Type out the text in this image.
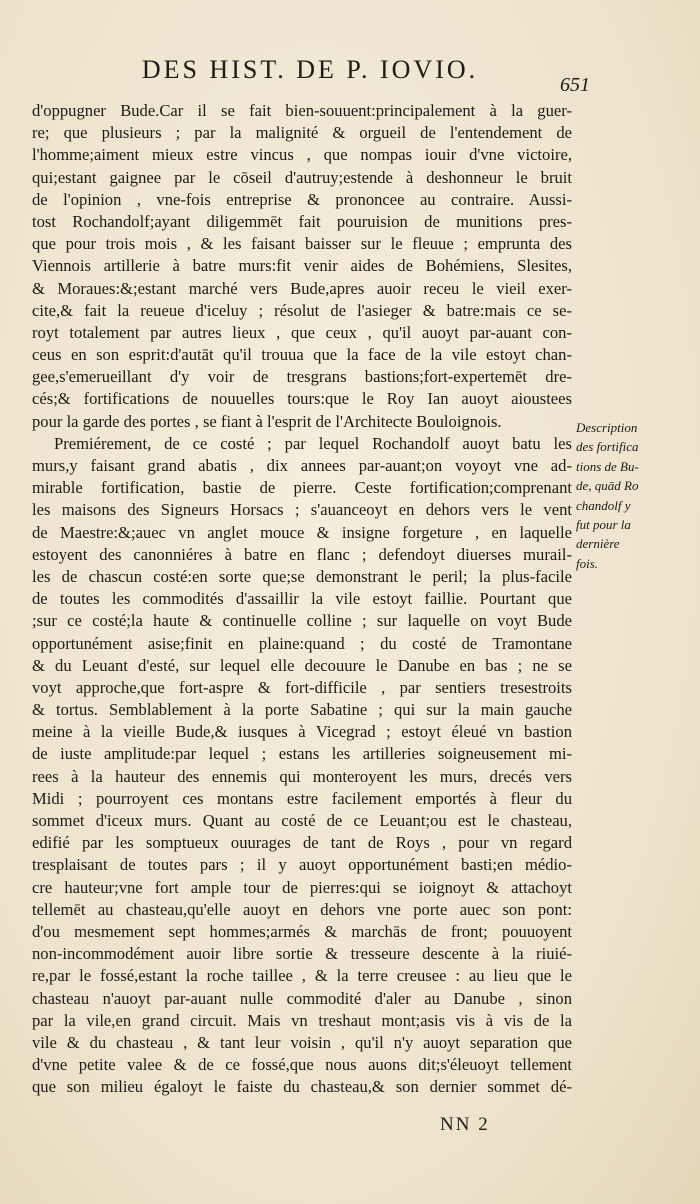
DES HIST. DE P. IOVIO.
651
d'oppugner Bude.Car il se fait bien-souuent:principalement à la guer-
re; que plusieurs ; par la malignité & orgueil de l'entendement de
l'homme;aiment mieux estre vincus , que nompas iouir d'vne victoire,
qui;estant gaignee par le cōseil d'autruy;estende à deshonneur le bruit
de l'opinion , vne-fois entreprise & prononcee au contraire. Aussi-
tost Rochandolf;ayant diligemmēt fait pouruision de munitions pres-
que pour trois mois , & les faisant baisser sur le fleuue ; emprunta des
Viennois artillerie à batre murs:fit venir aides de Bohémiens, Slesites,
& Moraues:&;estant marché vers Bude,apres auoir receu le vieil exer-
cite,& fait la reueue d'iceluy ; résolut de l'asieger & batre:mais ce se-
royt totalement par autres lieux , que ceux , qu'il auoyt par-auant con-
ceus en son esprit:d'autāt qu'il trouua que la face de la vile estoyt chan-
gee,s'emerueillant d'y voir de tresgrans bastions;fort-expertemēt dre-
cés;& fortifications de nouuelles tours:que le Roy Ian auoyt aioustees
pour la garde des portes , se fiant à l'esprit de l'Architecte Bouloignois.
Premiérement, de ce costé ; par lequel Rochandolf auoyt batu les
murs,y faisant grand abatis , dix annees par-auant;on voyoyt vne ad-
mirable fortification, bastie de pierre. Ceste fortification;comprenant
les maisons des Signeurs Horsacs ; s'auanceoyt en dehors vers le vent
de Maestre:&;auec vn anglet mouce & insigne forgeture , en laquelle
estoyent des canonniéres à batre en flanc ; defendoyt diuerses murail-
les de chascun costé:en sorte que;se demonstrant le peril; la plus-facile
de toutes les commodités d'assaillir la vile estoyt faillie. Pourtant que
;sur ce costé;la haute & continuelle colline ; sur laquelle on voyt Bude
opportunément asise;finit en plaine:quand ; du costé de Tramontane
& du Leuant d'esté, sur lequel elle decouure le Danube en bas ; ne se
voyt approche,que fort-aspre & fort-difficile , par sentiers tresestroits
& tortus. Semblablement à la porte Sabatine ; qui sur la main gauche
meine à la vieille Bude,& iusques à Vicegrad ; estoyt éleué vn bastion
de iuste amplitude:par lequel ; estans les artilleries soigneusement mi-
rees à la hauteur des ennemis qui monteroyent les murs, drecés vers
Midi ; pourroyent ces montans estre facilement emportés à fleur du
sommet d'iceux murs. Quant au costé de ce Leuant;ou est le chasteau,
edifié par les somptueux ouurages de tant de Roys , pour vn regard
tresplaisant de toutes pars ; il y auoyt opportunément basti;en médio-
cre hauteur;vne fort ample tour de pierres:qui se ioignoyt & attachoyt
tellemēt au chasteau,qu'elle auoyt en dehors vne porte auec son pont:
d'ou mesmement sept hommes;armés & marchās de front; pouuoyent
non-incommodément auoir libre sortie & tresseure descente à la riuié-
re,par le fossé,estant la roche taillee , & la terre creusee : au lieu que le
chasteau n'auoyt par-auant nulle commodité d'aler au Danube , sinon
par la vile,en grand circuit. Mais vn treshaut mont;asis vis à vis de la
vile & du chasteau , & tant leur voisin , qu'il n'y auoyt separation que
d'vne petite valee & de ce fossé,que nous auons dit;s'éleuoyt tellement
que son milieu égaloyt le faiste du chasteau,& son dernier sommet dé-
Description
des fortifica
tions de Bu-
de, quād Ro
chandolf y
fut pour la
dernière
fois.
NN 2
